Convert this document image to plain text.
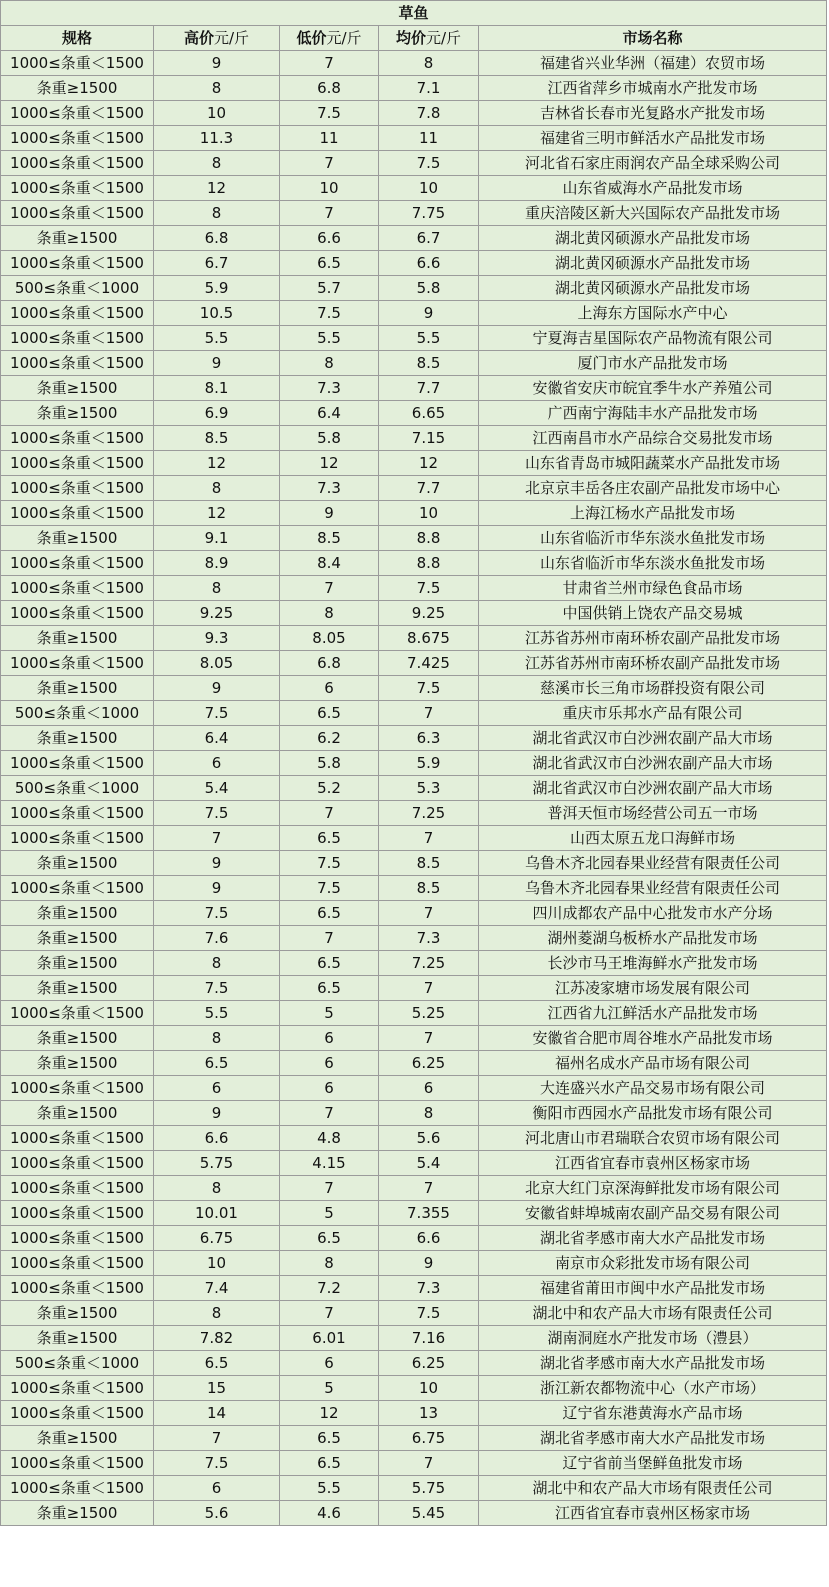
草鱼				
规格	高价元/斤	低价元/斤	均价元/斤	市场名称
1000≤条重＜1500	9	7	8	福建省兴业华洲（福建）农贸市场
条重≥1500	8	6.8	7.1	江西省萍乡市城南水产批发市场
1000≤条重＜1500	10	7.5	7.8	吉林省长春市光复路水产批发市场
1000≤条重＜1500	11.3	11	11	福建省三明市鲜活水产品批发市场
1000≤条重＜1500	8	7	7.5	河北省石家庄雨润农产品全球采购公司
1000≤条重＜1500	12	10	10	山东省威海水产品批发市场
1000≤条重＜1500	8	7	7.75	重庆涪陵区新大兴国际农产品批发市场
条重≥1500	6.8	6.6	6.7	湖北黄冈硕源水产品批发市场
1000≤条重＜1500	6.7	6.5	6.6	湖北黄冈硕源水产品批发市场
500≤条重＜1000	5.9	5.7	5.8	湖北黄冈硕源水产品批发市场
1000≤条重＜1500	10.5	7.5	9	上海东方国际水产中心
1000≤条重＜1500	5.5	5.5	5.5	宁夏海吉星国际农产品物流有限公司
1000≤条重＜1500	9	8	8.5	厦门市水产品批发市场
条重≥1500	8.1	7.3	7.7	安徽省安庆市皖宜季牛水产养殖公司
条重≥1500	6.9	6.4	6.65	广西南宁海陆丰水产品批发市场
1000≤条重＜1500	8.5	5.8	7.15	江西南昌市水产品综合交易批发市场
1000≤条重＜1500	12	12	12	山东省青岛市城阳蔬菜水产品批发市场
1000≤条重＜1500	8	7.3	7.7	北京京丰岳各庄农副产品批发市场中心
1000≤条重＜1500	12	9	10	上海江杨水产品批发市场
条重≥1500	9.1	8.5	8.8	山东省临沂市华东淡水鱼批发市场
1000≤条重＜1500	8.9	8.4	8.8	山东省临沂市华东淡水鱼批发市场
1000≤条重＜1500	8	7	7.5	甘肃省兰州市绿色食品市场
1000≤条重＜1500	9.25	8	9.25	中国供销上饶农产品交易城
条重≥1500	9.3	8.05	8.675	江苏省苏州市南环桥农副产品批发市场
1000≤条重＜1500	8.05	6.8	7.425	江苏省苏州市南环桥农副产品批发市场
条重≥1500	9	6	7.5	慈溪市长三角市场群投资有限公司
500≤条重＜1000	7.5	6.5	7	重庆市乐邦水产品有限公司
条重≥1500	6.4	6.2	6.3	湖北省武汉市白沙洲农副产品大市场
1000≤条重＜1500	6	5.8	5.9	湖北省武汉市白沙洲农副产品大市场
500≤条重＜1000	5.4	5.2	5.3	湖北省武汉市白沙洲农副产品大市场
1000≤条重＜1500	7.5	7	7.25	普洱天恒市场经营公司五一市场
1000≤条重＜1500	7	6.5	7	山西太原五龙口海鲜市场
条重≥1500	9	7.5	8.5	乌鲁木齐北园春果业经营有限责任公司
1000≤条重＜1500	9	7.5	8.5	乌鲁木齐北园春果业经营有限责任公司
条重≥1500	7.5	6.5	7	四川成都农产品中心批发市水产分场
条重≥1500	7.6	7	7.3	湖州菱湖乌板桥水产品批发市场
条重≥1500	8	6.5	7.25	长沙市马王堆海鲜水产批发市场
条重≥1500	7.5	6.5	7	江苏凌家塘市场发展有限公司
1000≤条重＜1500	5.5	5	5.25	江西省九江鲜活水产品批发市场
条重≥1500	8	6	7	安徽省合肥市周谷堆水产品批发市场
条重≥1500	6.5	6	6.25	福州名成水产品市场有限公司
1000≤条重＜1500	6	6	6	大连盛兴水产品交易市场有限公司
条重≥1500	9	7	8	衡阳市西园水产品批发市场有限公司
1000≤条重＜1500	6.6	4.8	5.6	河北唐山市君瑞联合农贸市场有限公司
1000≤条重＜1500	5.75	4.15	5.4	江西省宜春市袁州区杨家市场
1000≤条重＜1500	8	7	7	北京大红门京深海鲜批发市场有限公司
1000≤条重＜1500	10.01	5	7.355	安徽省蚌埠城南农副产品交易有限公司
1000≤条重＜1500	6.75	6.5	6.6	湖北省孝感市南大水产品批发市场
1000≤条重＜1500	10	8	9	南京市众彩批发市场有限公司
1000≤条重＜1500	7.4	7.2	7.3	福建省莆田市闽中水产品批发市场
条重≥1500	8	7	7.5	湖北中和农产品大市场有限责任公司
条重≥1500	7.82	6.01	7.16	湖南洞庭水产批发市场（澧县）
500≤条重＜1000	6.5	6	6.25	湖北省孝感市南大水产品批发市场
1000≤条重＜1500	15	5	10	浙江新农都物流中心（水产市场）
1000≤条重＜1500	14	12	13	辽宁省东港黄海水产品市场
条重≥1500	7	6.5	6.75	湖北省孝感市南大水产品批发市场
1000≤条重＜1500	7.5	6.5	7	辽宁省前当堡鲜鱼批发市场
1000≤条重＜1500	6	5.5	5.75	湖北中和农产品大市场有限责任公司
条重≥1500	5.6	4.6	5.45	江西省宜春市袁州区杨家市场
